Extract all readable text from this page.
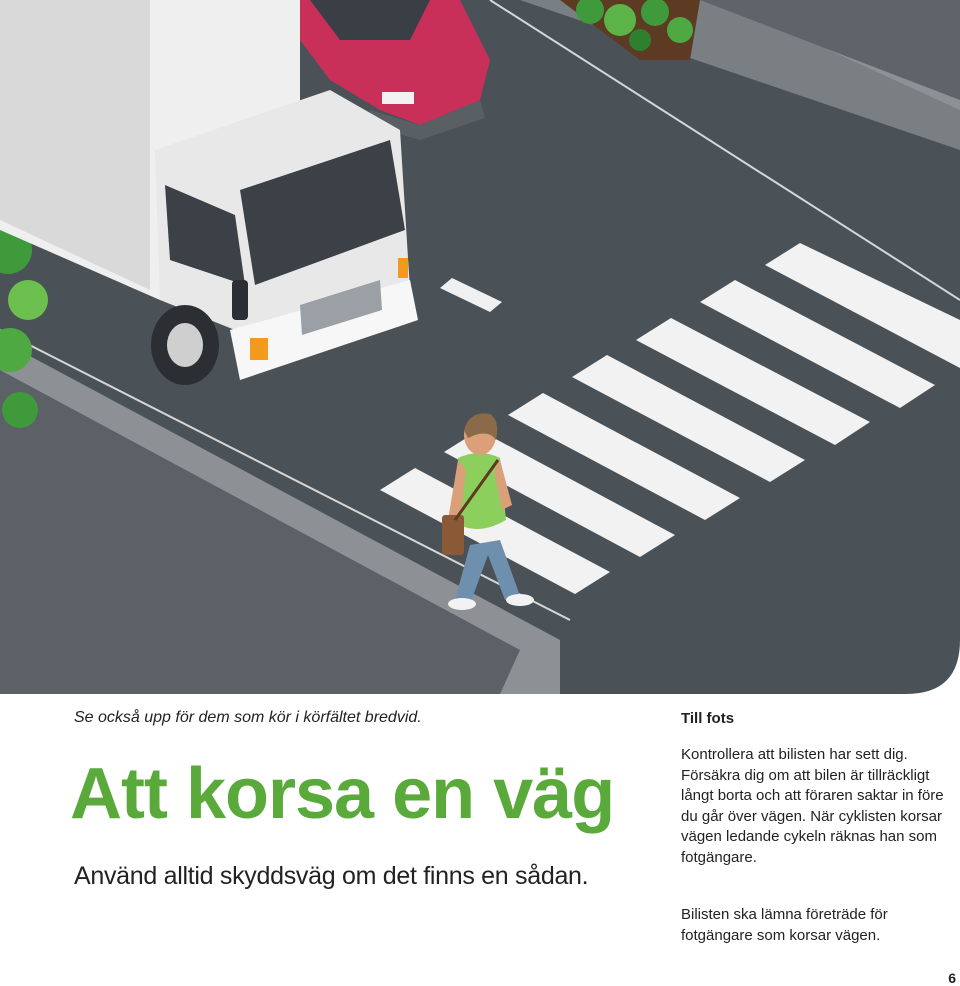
Se också upp för dem som kör i körfältet bredvid.
Att korsa en väg
Använd alltid skyddsväg om det finns en sådan.
Till fots

Kontrollera att bilisten har sett dig. Försäkra dig om att bilen är tillräckligt långt borta och att föraren saktar in före du går över vägen. När cyklisten korsar vägen ledande cykeln räknas han som fotgängare.

Bilisten ska lämna företräde för fotgängare som korsar vägen.

6
